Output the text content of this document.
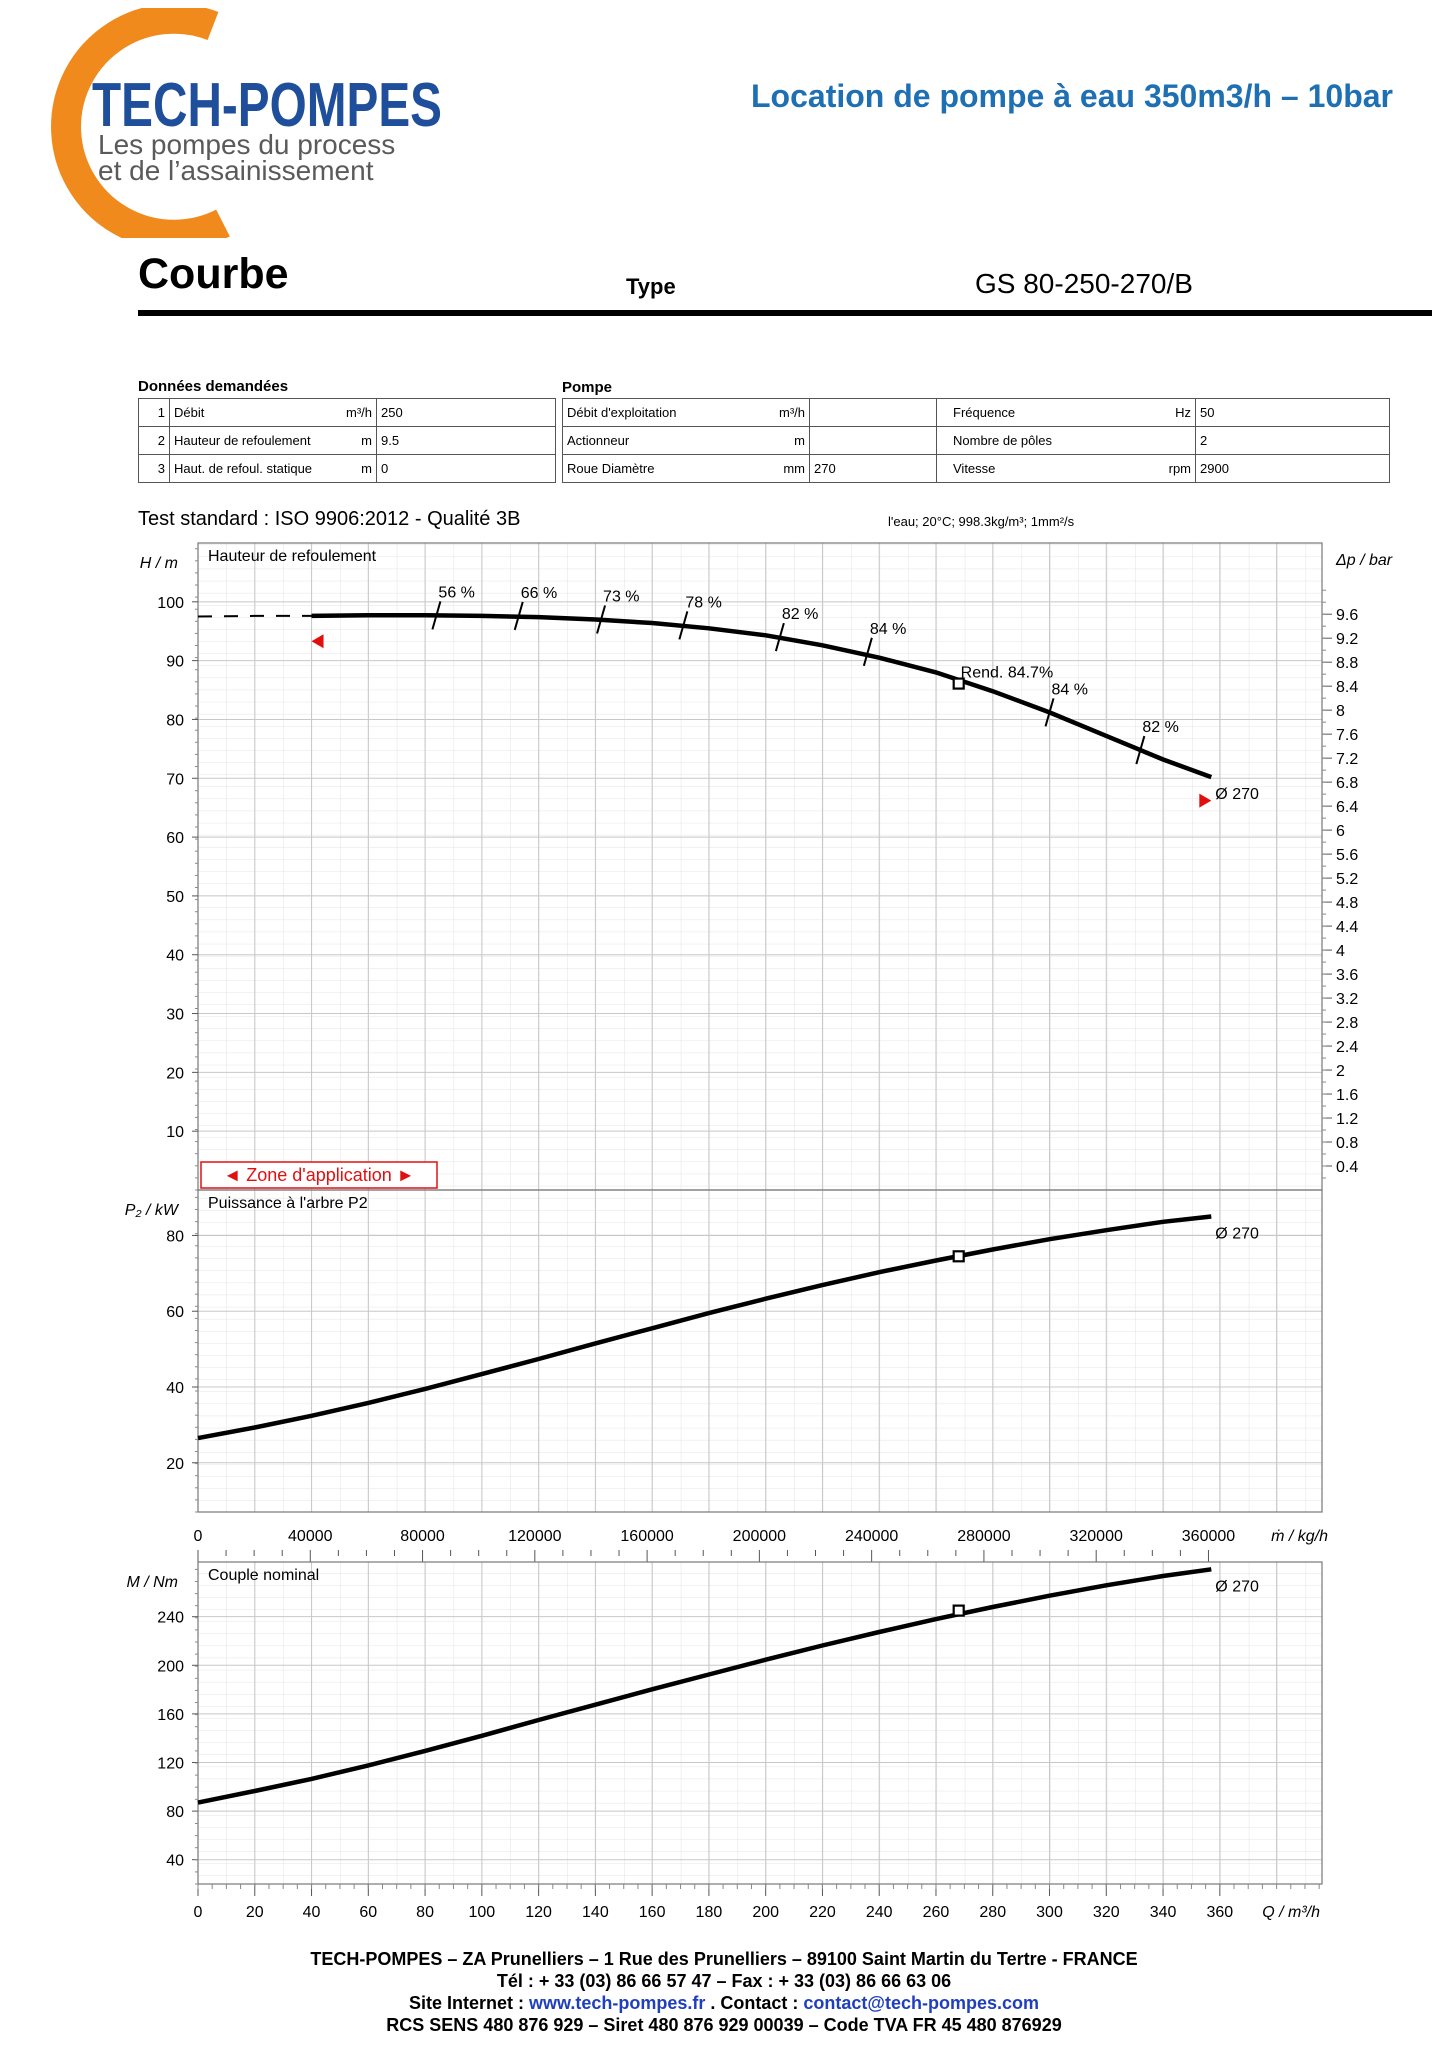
TECH-POMPES
Les pompes du process
et de l’assainissement
Location de pompe à eau 350m3/h – 10bar
Courbe	Type	GS 80-250-270/B
Données demandées
1	Débit	m³/h	250
2	Hauteur de refoulement	m	9.5
3	Haut. de refoul. statique	m	0
Pompe
Débit d'exploitation	m³/h		Fréquence	Hz	50
Actionneur	m		Nombre de pôles		2
Roue Diamètre	mm	270	Vitesse	rpm	2900
Test standard : ISO 9906:2012 - Qualité 3B	l'eau; 20°C; 998.3kg/m³; 1mm²/s
10
20
30
40
50
60
70
80
90
100
H / m Hauteur de refoulement
Ø 270
Rend. 84.7%
56 %	66 %	73 %	78 %
82 %
84 %
84 %
82 %
◄ Zone d'application ►
Δp / bar
0.4
0.8
1.2
1.6
2
2.4
2.8
3.2
3.6
4
4.4
4.8
5.2
5.6
6
6.4
6.8
7.2
7.6
8
8.4
8.8
9.2
9.6
20
40
60
80
P₂ / kW Puissance à l'arbre P2
Ø 270
0	40000	80000	120000	160000	200000	240000	280000	320000	360000 ṁ / kg/h
40
80
120
160
200
240
M / Nm Couple nominal
Ø 270
0	20 40 60 80 100 120 140 160 180 200 220 240 260 280 300 320 340 360 Q / m³/h
TECH-POMPES – ZA Prunelliers – 1 Rue des Prunelliers – 89100 Saint Martin du Tertre - FRANCE
Tél : + 33 (03) 86 66 57 47 – Fax : + 33 (03) 86 66 63 06
Site Internet : www.tech-pompes.fr . Contact : contact@tech-pompes.com
RCS SENS 480 876 929 – Siret 480 876 929 00039 – Code TVA FR 45 480 876929
